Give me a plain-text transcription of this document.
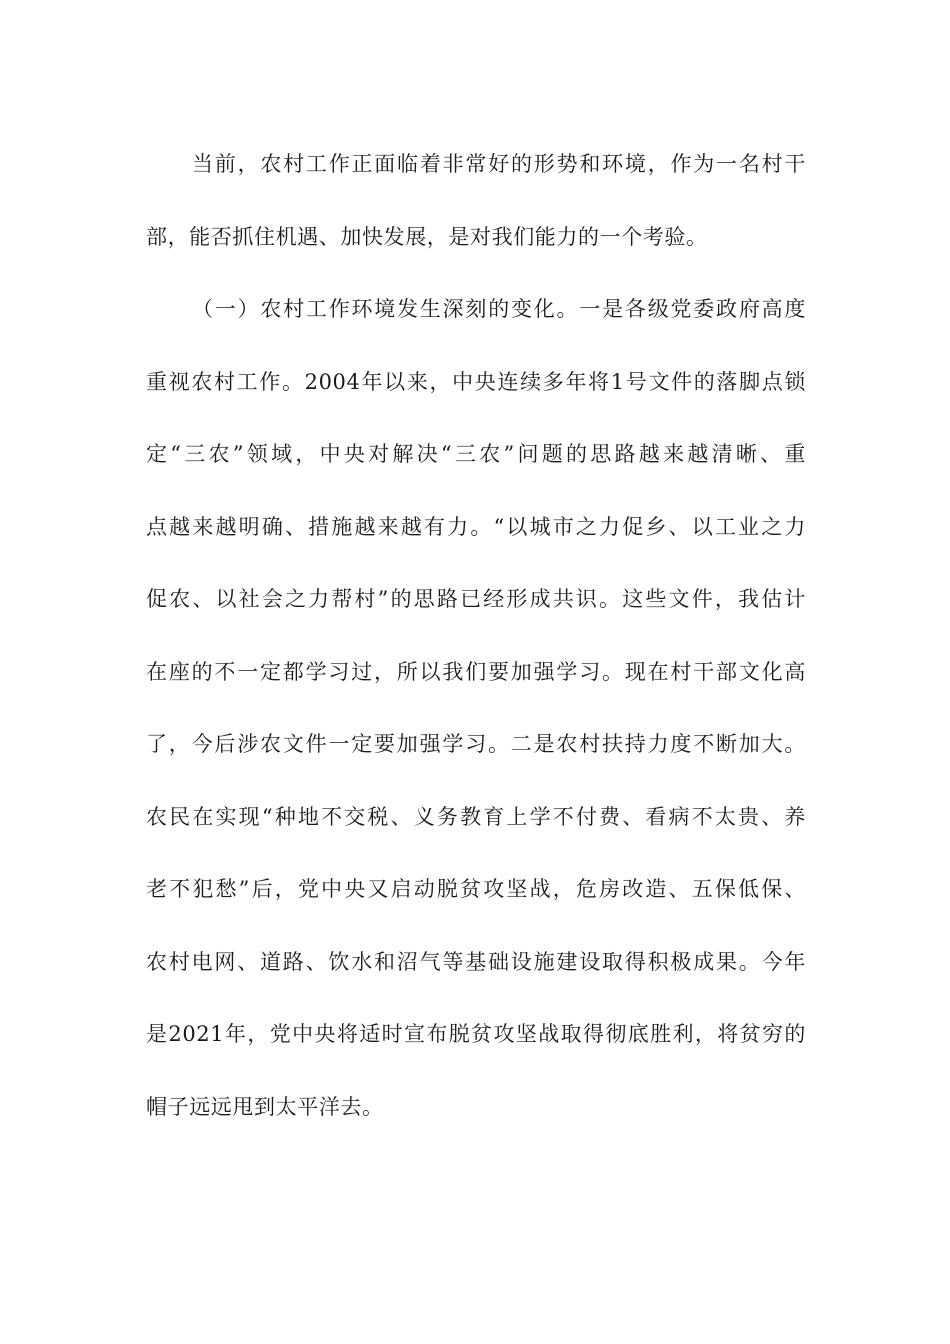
当前，农村工作正面临着非常好的形势和环境，作为一名村干
部，能否抓住机遇、加快发展，是对我们能力的一个考验。
（一）农村工作环境发生深刻的变化。一是各级党委政府高度
重视农村工作。2004年以来，中央连续多年将1号文件的落脚点锁
定“三农”领域，中央对解决“三农”问题的思路越来越清晰、重
点越来越明确、措施越来越有力。“以城市之力促乡、以工业之力
促农、以社会之力帮村”的思路已经形成共识。这些文件，我估计
在座的不一定都学习过，所以我们要加强学习。现在村干部文化高
了，今后涉农文件一定要加强学习。二是农村扶持力度不断加大。
农民在实现“种地不交税、义务教育上学不付费、看病不太贵、养
老不犯愁”后，党中央又启动脱贫攻坚战，危房改造、五保低保、
农村电网、道路、饮水和沼气等基础设施建设取得积极成果。今年
是2021年，党中央将适时宣布脱贫攻坚战取得彻底胜利，将贫穷的
帽子远远甩到太平洋去。
